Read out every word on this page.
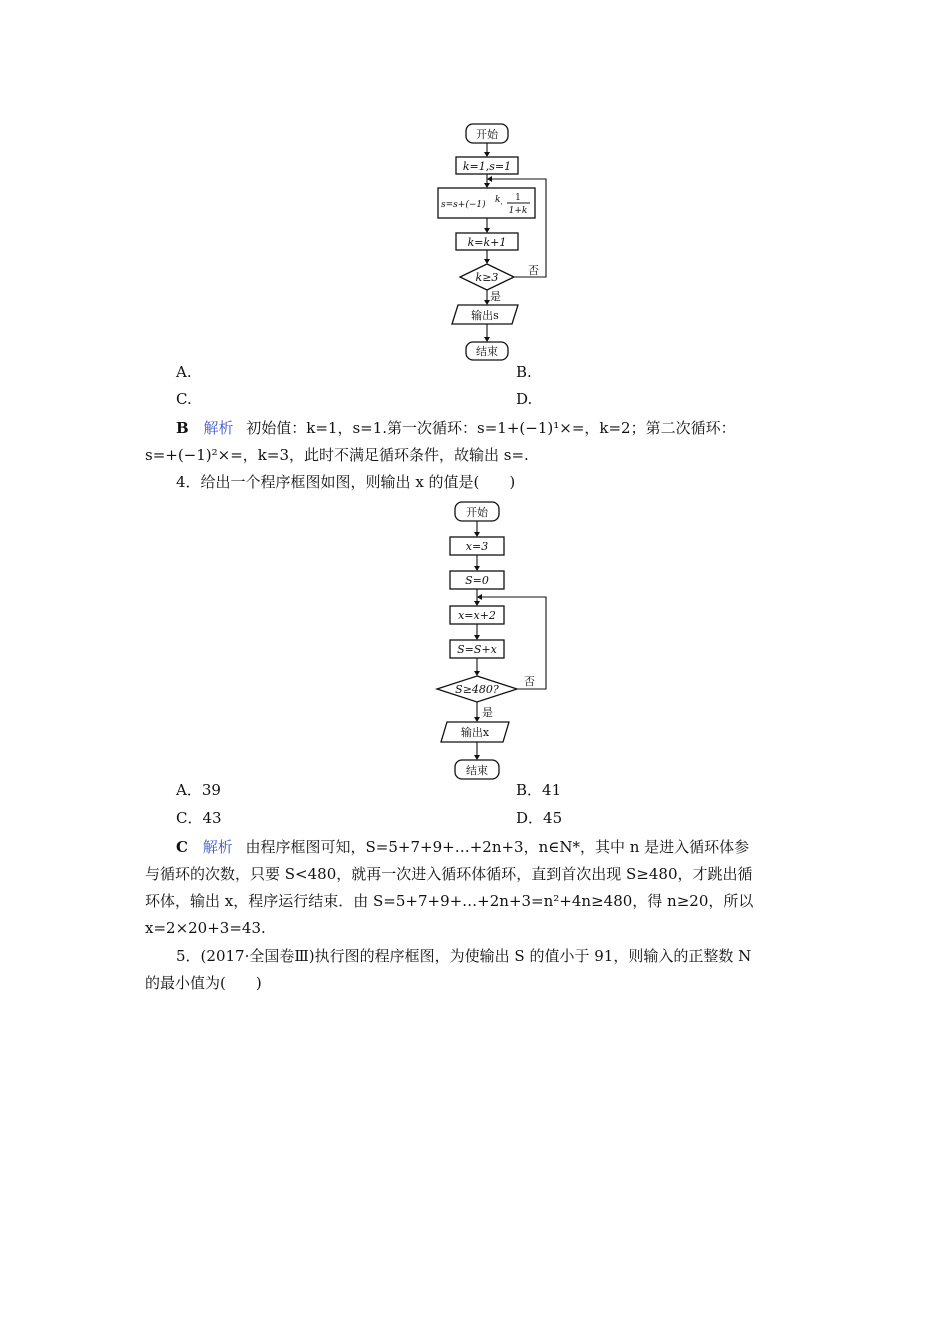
开始
k=1,s=1
s=s+(−1) k ·
1
1+k
k=k+1
k≥3
否
是
输出s
结束
A.	B.
C.	D.
B 解析 初始值：k=1，s=1.第一次循环：s=1+(−1)¹×=，k=2；第二次循环：
s=+(−1)²×=，k=3，此时不满足循环条件，故输出 s=.
4．给出一个程序框图如图，则输出 x 的值是(　　)
开始
x=3
S=0
x=x+2
S=S+x
S≥480?
否
是
输出x
结束
A．39	B．41
C．43	D．45
C 解析 由程序框图可知，S=5+7+9+…+2n+3，n∈N*，其中 n 是进入循环体参
与循环的次数，只要 S<480，就再一次进入循环体循环，直到首次出现 S≥480，才跳出循
环体，输出 x，程序运行结束．由 S=5+7+9+…+2n+3=n²+4n≥480，得 n≥20，所以
x=2×20+3=43.
5．(2017·全国卷Ⅲ)执行图的程序框图，为使输出 S 的值小于 91，则输入的正整数 N
的最小值为(　　)
